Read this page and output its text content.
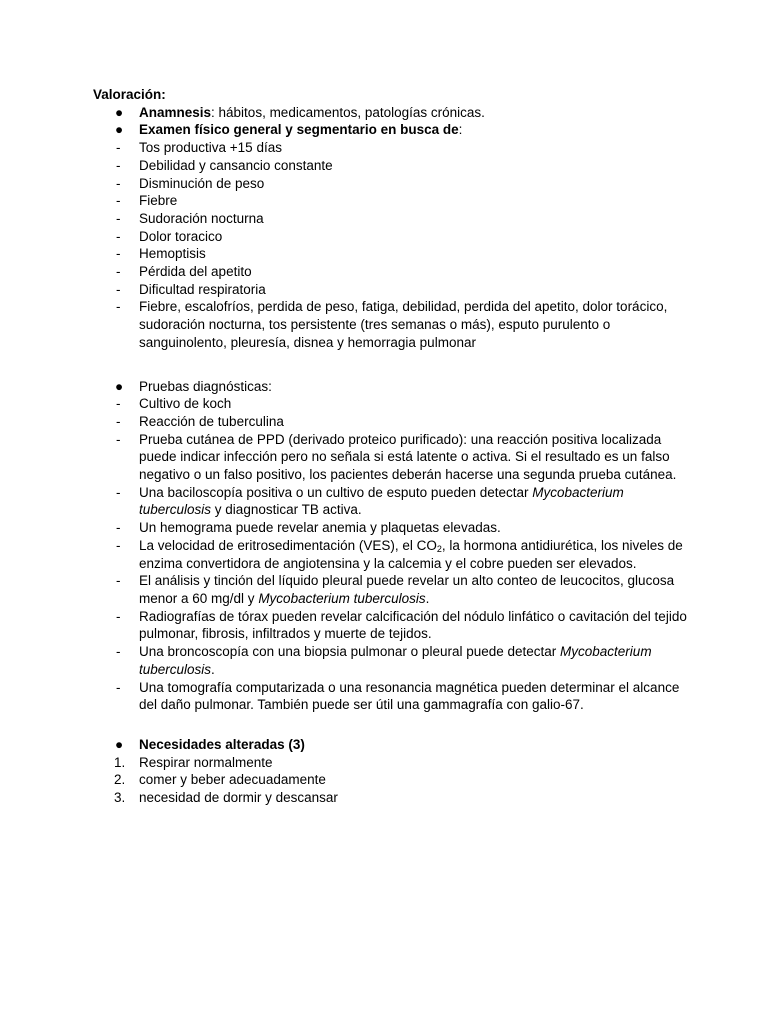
Valoración:
●	Anamnesis: hábitos, medicamentos, patologías crónicas.
●	Examen físico general y segmentario en busca de:
-	Tos productiva +15 días
-	Debilidad y cansancio constante
-	Disminución de peso
-	Fiebre
-	Sudoración nocturna
-	Dolor toracico
-	Hemoptisis
-	Pérdida del apetito
-	Dificultad respiratoria
-	Fiebre, escalofríos, perdida de peso, fatiga, debilidad, perdida del apetito, dolor torácico, sudoración nocturna, tos persistente (tres semanas o más), esputo purulento o sanguinolento, pleuresía, disnea y hemorragia pulmonar
●	Pruebas diagnósticas:
-	Cultivo de koch
-	Reacción de tuberculina
-	Prueba cutánea de PPD (derivado proteico purificado): una reacción positiva localizada puede indicar infección pero no señala si está latente o activa. Si el resultado es un falso negativo o un falso positivo, los pacientes deberán hacerse una segunda prueba cutánea.
-	Una baciloscopía positiva o un cultivo de esputo pueden detectar Mycobacterium tuberculosis y diagnosticar TB activa.
-	Un hemograma puede revelar anemia y plaquetas elevadas.
-	La velocidad de eritrosedimentación (VES), el $CO_2$, la hormona antidiurética, los niveles de enzima convertidora de angiotensina y la calcemia y el cobre pueden ser elevados.
-	El análisis y tinción del líquido pleural puede revelar un alto conteo de leucocitos, glucosa menor a 60 mg/dl y Mycobacterium tuberculosis.
-	Radiografías de tórax pueden revelar calcificación del nódulo linfático o cavitación del tejido pulmonar, fibrosis, infiltrados y muerte de tejidos.
-	Una broncoscopía con una biopsia pulmonar o pleural puede detectar Mycobacterium tuberculosis.
-	Una tomografía computarizada o una resonancia magnética pueden determinar el alcance del daño pulmonar. También puede ser útil una gammagrafía con galio-67.
●	Necesidades alteradas (3)
1.	Respirar normalmente
2.	comer y beber adecuadamente
3.	necesidad de dormir y descansar
